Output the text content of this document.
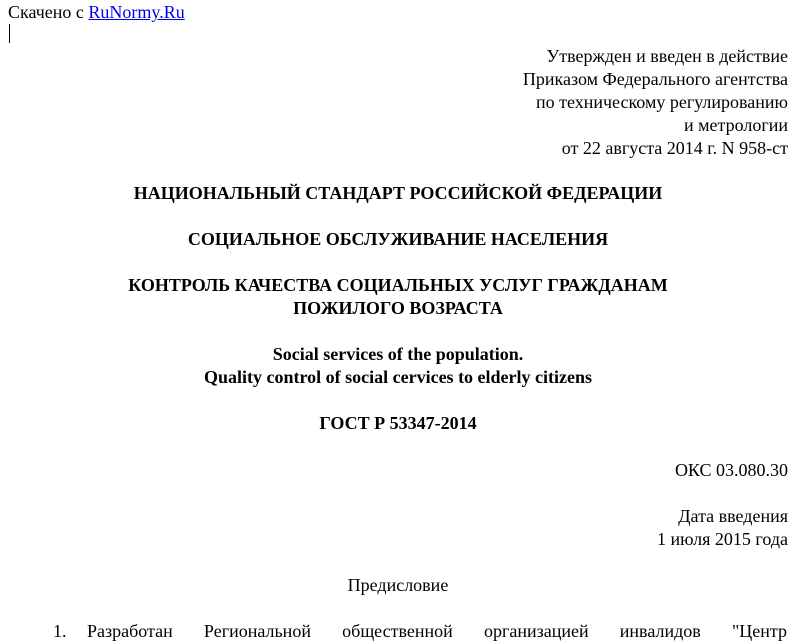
Скачено с RuNormy.Ru
Утвержден и введен в действие
Приказом Федерального агентства
по техническому регулированию
и метрологии
от 22 августа 2014 г. N 958-ст
НАЦИОНАЛЬНЫЙ СТАНДАРТ РОССИЙСКОЙ ФЕДЕРАЦИИ
СОЦИАЛЬНОЕ ОБСЛУЖИВАНИЕ НАСЕЛЕНИЯ
КОНТРОЛЬ КАЧЕСТВА СОЦИАЛЬНЫХ УСЛУГ ГРАЖДАНАМ
ПОЖИЛОГО ВОЗРАСТА
Social services of the population.
Quality control of social cervices to elderly citizens
ГОСТ Р 53347-2014
ОКС 03.080.30
Дата введения
1 июля 2015 года
Предисловие
1. Разработан Региональной общественной организацией инвалидов "Центр
